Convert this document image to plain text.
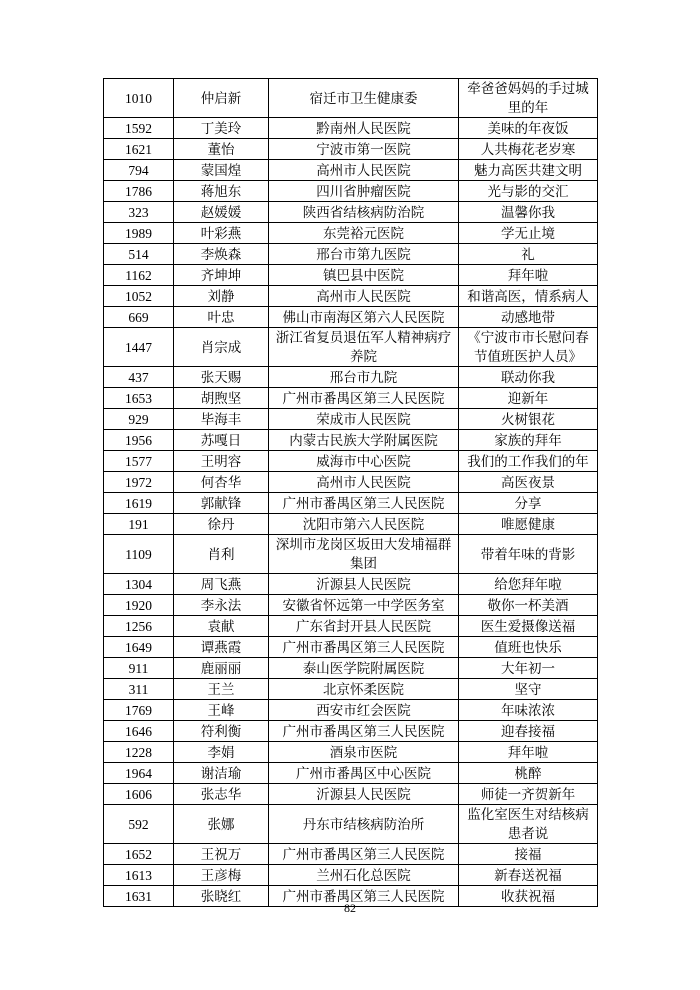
1010	仲启新	宿迁市卫生健康委	牵爸爸妈妈的手过城里的年
1592	丁美玲	黔南州人民医院	美味的年夜饭
1621	董怡	宁波市第一医院	人共梅花老岁寒
794	蒙国煌	高州市人民医院	魅力高医共建文明
1786	蒋旭东	四川省肿瘤医院	光与影的交汇
323	赵媛媛	陕西省结核病防治院	温馨你我
1989	叶彩燕	东莞裕元医院	学无止境
514	李焕森	邢台市第九医院	礼
1162	齐坤坤	镇巴县中医院	拜年啦
1052	刘静	高州市人民医院	和谐高医，情系病人
669	叶忠	佛山市南海区第六人民医院	动感地带
1447	肖宗成	浙江省复员退伍军人精神病疗养院	《宁波市市长慰问春节值班医护人员》
437	张天赐	邢台市九院	联动你我
1653	胡煦坚	广州市番禺区第三人民医院	迎新年
929	毕海丰	荣成市人民医院	火树银花
1956	苏嘎日	内蒙古民族大学附属医院	家族的拜年
1577	王明容	威海市中心医院	我们的工作我们的年
1972	何杏华	高州市人民医院	高医夜景
1619	郭献锋	广州市番禺区第三人民医院	分享
191	徐丹	沈阳市第六人民医院	唯愿健康
1109	肖利	深圳市龙岗区坂田大发埔福群集团	带着年味的背影
1304	周飞燕	沂源县人民医院	给您拜年啦
1920	李永法	安徽省怀远第一中学医务室	敬你一杯美酒
1256	袁献	广东省封开县人民医院	医生爱摄像送福
1649	谭燕霞	广州市番禺区第三人民医院	值班也快乐
911	鹿丽丽	泰山医学院附属医院	大年初一
311	王兰	北京怀柔医院	坚守
1769	王峰	西安市红会医院	年味浓浓
1646	符利衡	广州市番禺区第三人民医院	迎春接福
1228	李娟	酒泉市医院	拜年啦
1964	谢洁瑜	广州市番禺区中心医院	桃醉
1606	张志华	沂源县人民医院	师徒一齐贺新年
592	张娜	丹东市结核病防治所	监化室医生对结核病患者说
1652	王祝万	广州市番禺区第三人民医院	接福
1613	王彦梅	兰州石化总医院	新春送祝福
1631	张晓红	广州市番禺区第三人民医院	收获祝福
82
